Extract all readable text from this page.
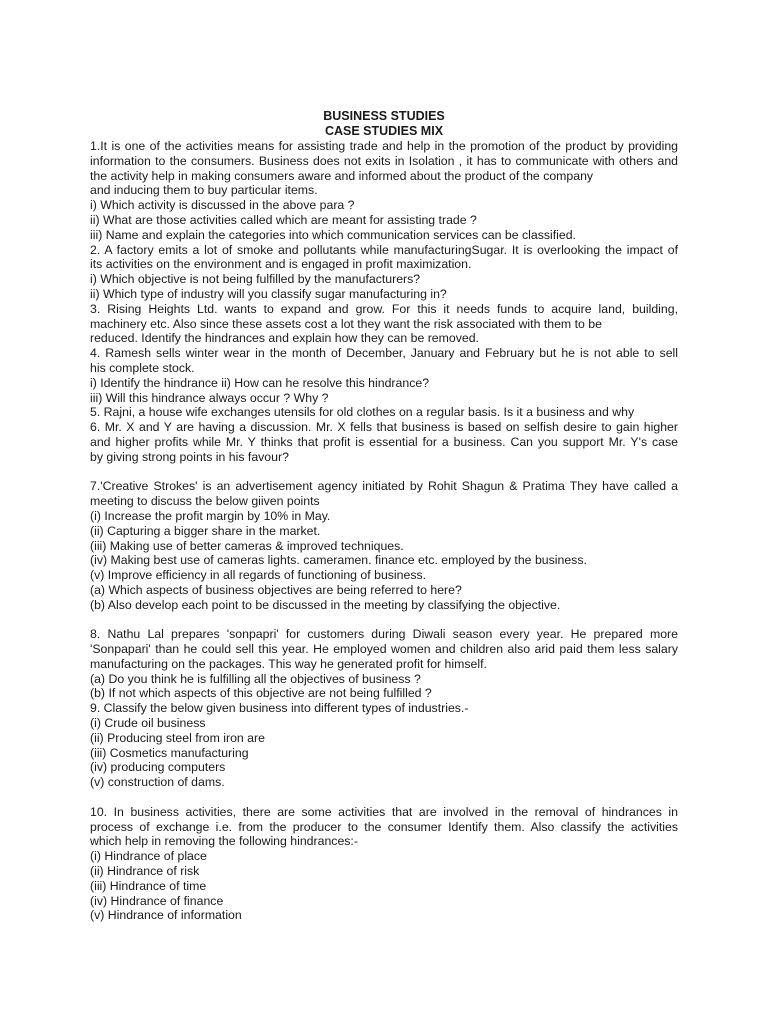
BUSINESS STUDIES
CASE STUDIES MIX
1.It is one of the activities means for assisting trade and help in the promotion of the product by providing
information to the consumers. Business does not exits in Isolation , it has to communicate with others and
the activity help in making consumers aware and informed about the product of the company
and inducing them to buy particular items.
i) Which activity is discussed in the above para ?
ii) What are those activities called which are meant for assisting trade ?
iii) Name and explain the categories into which communication services can be classified.
2. A factory emits a lot of smoke and pollutants while manufacturingSugar. It is overlooking the impact of
its activities on the environment and is engaged in profit maximization.
i) Which objective is not being fulfilled by the manufacturers?
ii) Which type of industry will you classify sugar manufacturing in?
3. Rising Heights Ltd. wants to expand and grow. For this it needs funds to acquire land, building,
machinery etc. Also since these assets cost a lot they want the risk associated with them to be
reduced. Identify the hindrances and explain how they can be removed.
4. Ramesh sells winter wear in the month of December, January and February but he is not able to sell
his complete stock.
i) Identify the hindrance ii) How can he resolve this hindrance?
iii) Will this hindrance always occur ? Why ?
5. Rajni, a house wife exchanges utensils for old clothes on a regular basis. Is it a business and why
6. Mr. X and Y are having a discussion. Mr. X fells that business is based on selfish desire to gain higher
and higher profits while Mr. Y thinks that profit is essential for a business. Can you support Mr. Y's case
by giving strong points in his favour?
7.'Creative Strokes' is an advertisement agency initiated by Rohit Shagun & Pratima They have called a
meeting to discuss the below giiven points
(i) Increase the profit margin by 10% in May.
(ii) Capturing a bigger share in the market.
(iii) Making use of better cameras & improved techniques.
(iv) Making best use of cameras lights. cameramen. finance etc. employed by the business.
(v) Improve efficiency in all regards of functioning of business.
(a) Which aspects of business objectives are being referred to here?
(b) Also develop each point to be discussed in the meeting by classifying the objective.
8. Nathu Lal prepares 'sonpapri' for customers during Diwali season every year. He prepared more
'Sonpapari' than he could sell this year. He employed women and children also arid paid them less salary
manufacturing on the packages. This way he generated profit for himself.
(a) Do you think he is fulfilling all the objectives of business ?
(b) If not which aspects of this objective are not being fulfilled ?
9. Classify the below given business into different types of industries.-
(i) Crude oil business
(ii) Producing steel from iron are
(iii) Cosmetics manufacturing
(iv) producing computers
(v) construction of dams.
10. In business activities, there are some activities that are involved in the removal of hindrances in
process of exchange i.e. from the producer to the consumer Identify them. Also classify the activities
which help in removing the following hindrances:-
(i) Hindrance of place
(ii) Hindrance of risk
(iii) Hindrance of time
(iv) Hindrance of finance
(v) Hindrance of information
